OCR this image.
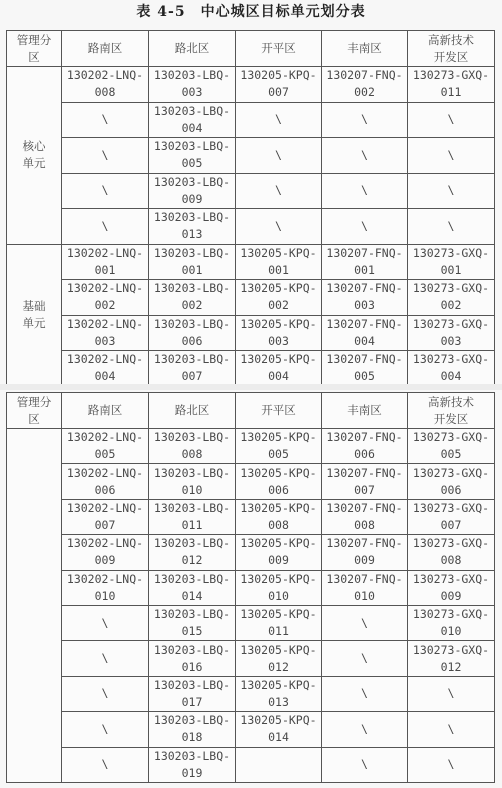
表 4-5　中心城区目标单元划分表
管理分区	路南区	路北区	开平区	丰南区	高新技术开发区
核心单元	130202-LNQ-008	130203-LBQ-003	130205-KPQ-007	130207-FNQ-002	130273-GXQ-011
	\	130203-LBQ-004	\	\	\
	\	130203-LBQ-005	\	\	\
	\	130203-LBQ-009	\	\	\
	\	130203-LBQ-013	\	\	\
基础单元	130202-LNQ-001	130203-LBQ-001	130205-KPQ-001	130207-FNQ-001	130273-GXQ-001
	130202-LNQ-002	130203-LBQ-002	130205-KPQ-002	130207-FNQ-003	130273-GXQ-002
	130202-LNQ-003	130203-LBQ-006	130205-KPQ-003	130207-FNQ-004	130273-GXQ-003
	130202-LNQ-004	130203-LBQ-007	130205-KPQ-004	130207-FNQ-005	130273-GXQ-004
管理分区	路南区	路北区	开平区	丰南区	高新技术开发区
	130202-LNQ-005	130203-LBQ-008	130205-KPQ-005	130207-FNQ-006	130273-GXQ-005
	130202-LNQ-006	130203-LBQ-010	130205-KPQ-006	130207-FNQ-007	130273-GXQ-006
	130202-LNQ-007	130203-LBQ-011	130205-KPQ-008	130207-FNQ-008	130273-GXQ-007
	130202-LNQ-009	130203-LBQ-012	130205-KPQ-009	130207-FNQ-009	130273-GXQ-008
	130202-LNQ-010	130203-LBQ-014	130205-KPQ-010	130207-FNQ-010	130273-GXQ-009
	\	130203-LBQ-015	130205-KPQ-011	\	130273-GXQ-010
	\	130203-LBQ-016	130205-KPQ-012	\	130273-GXQ-012
	\	130203-LBQ-017	130205-KPQ-013	\	\
	\	130203-LBQ-018	130205-KPQ-014	\	\
	\	130203-LBQ-019		\	\
